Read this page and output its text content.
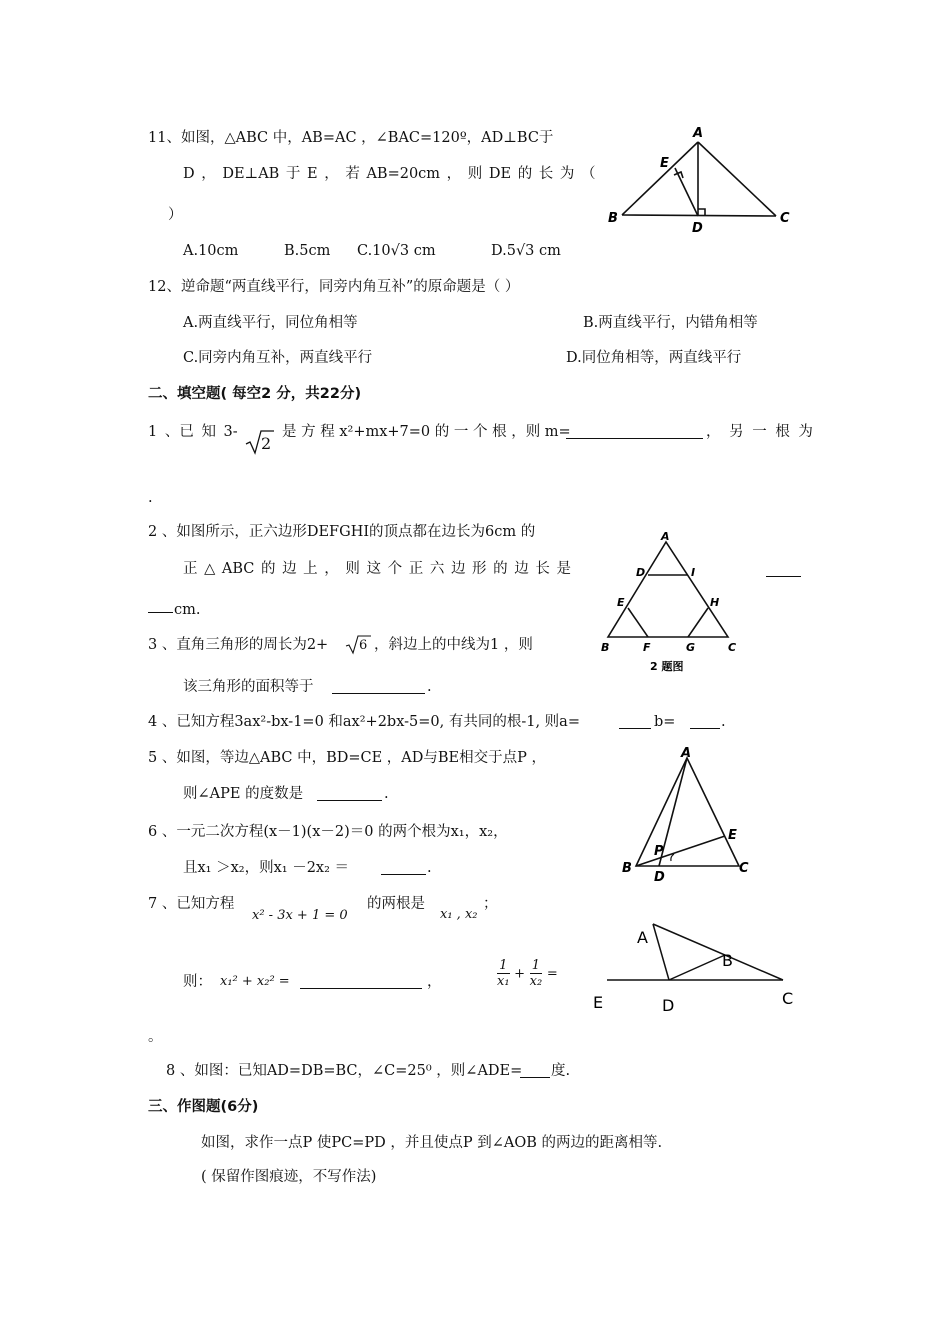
11、如图，△ABC 中，AB=AC ，∠BAC=120º，AD⊥BC于
D ， DE⊥AB 于 E ， 若 AB=20cm ， 则 DE 的 长 为 （
）
A.10cm	B.5cm C.10√3 cm	D.5√3 cm
A
B	C
D
E
12、逆命题“两直线平行，同旁内角互补”的原命题是（ ）
A.两直线平行，同位角相等	B.两直线平行，内错角相等
C.同旁内角互补，两直线平行	D.同位角相等，两直线平行
二、填空题( 每空2 分，共22分)
1 、已 知 3-
2
是 方 程 x²+mx+7=0 的 一 个 根 ，则 m=	， 另 一 根 为
.
2 、如图所示，正六边形DEFGHI的顶点都在边长为6cm 的
正 △ ABC 的 边 上 ， 则 这 个 正 六 边 形 的 边 长 是
cm.
A
D	I
E	H
B	F	G	C
2 题图
3 、直角三角形的周长为2+ 6 ，斜边上的中线为1 ，则
该三角形的面积等于	.
4 、已知方程3ax²-bx-1=0 和ax²+2bx-5=0, 有共同的根-1, 则a=	b=	.
5 、如图，等边△ABC 中，BD=CE ，AD与BE相交于点P ，
则∠APE 的度数是	.
A
B	C
D
E
P
6 、一元二次方程(x－1)(x－2)＝0 的两个根为x₁，x₂，
且x₁ ＞x₂，则x₁ －2x₂ ＝	.
7 、已知方程
x² - 3x + 1 = 0
的两根是
x₁ , x₂
；
则： x₁² + x₂² =	，	$\frac{1}{\text{x₁}} + \frac{1}{\text{x₂}}$ =
。
A
B
C
D
E
8 、如图：已知AD=DB=BC，∠C=25⁰ ，则∠ADE= 度.
三、作图题(6分)
如图，求作一点P 使PC=PD ，并且使点P 到∠AOB 的两边的距离相等.
( 保留作图痕迹，不写作法)
